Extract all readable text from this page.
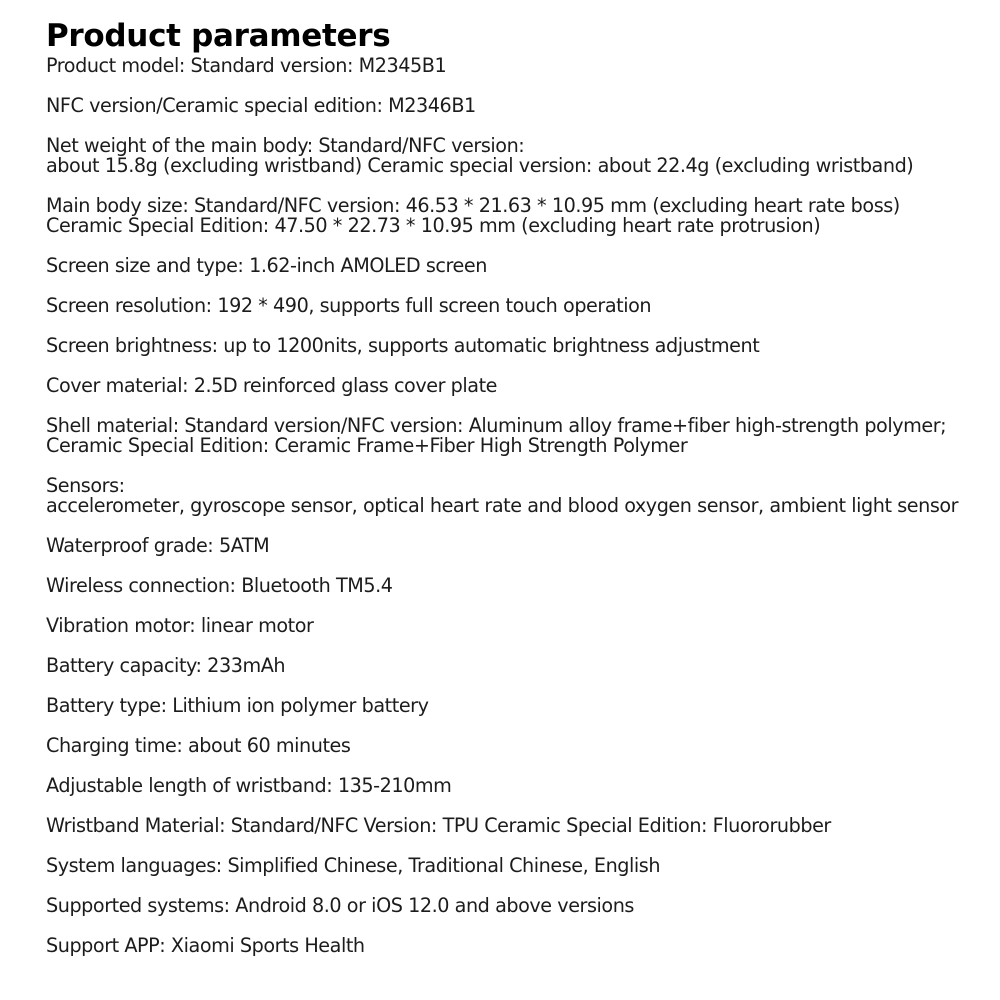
Product parameters
Product model: Standard version: M2345B1
NFC version/Ceramic special edition: M2346B1
Net weight of the main body: Standard/NFC version:
about 15.8g (excluding wristband) Ceramic special version: about 22.4g (excluding wristband)
Main body size: Standard/NFC version: 46.53 * 21.63 * 10.95 mm (excluding heart rate boss)
Ceramic Special Edition: 47.50 * 22.73 * 10.95 mm (excluding heart rate protrusion)
Screen size and type: 1.62-inch AMOLED screen
Screen resolution: 192 * 490, supports full screen touch operation
Screen brightness: up to 1200nits, supports automatic brightness adjustment
Cover material: 2.5D reinforced glass cover plate
Shell material: Standard version/NFC version: Aluminum alloy frame+fiber high-strength polymer;
Ceramic Special Edition: Ceramic Frame+Fiber High Strength Polymer
Sensors:
accelerometer, gyroscope sensor, optical heart rate and blood oxygen sensor, ambient light sensor
Waterproof grade: 5ATM
Wireless connection: Bluetooth TM5.4
Vibration motor: linear motor
Battery capacity: 233mAh
Battery type: Lithium ion polymer battery
Charging time: about 60 minutes
Adjustable length of wristband: 135-210mm
Wristband Material: Standard/NFC Version: TPU Ceramic Special Edition: Fluororubber
System languages: Simplified Chinese, Traditional Chinese, English
Supported systems: Android 8.0 or iOS 12.0 and above versions
Support APP: Xiaomi Sports Health
